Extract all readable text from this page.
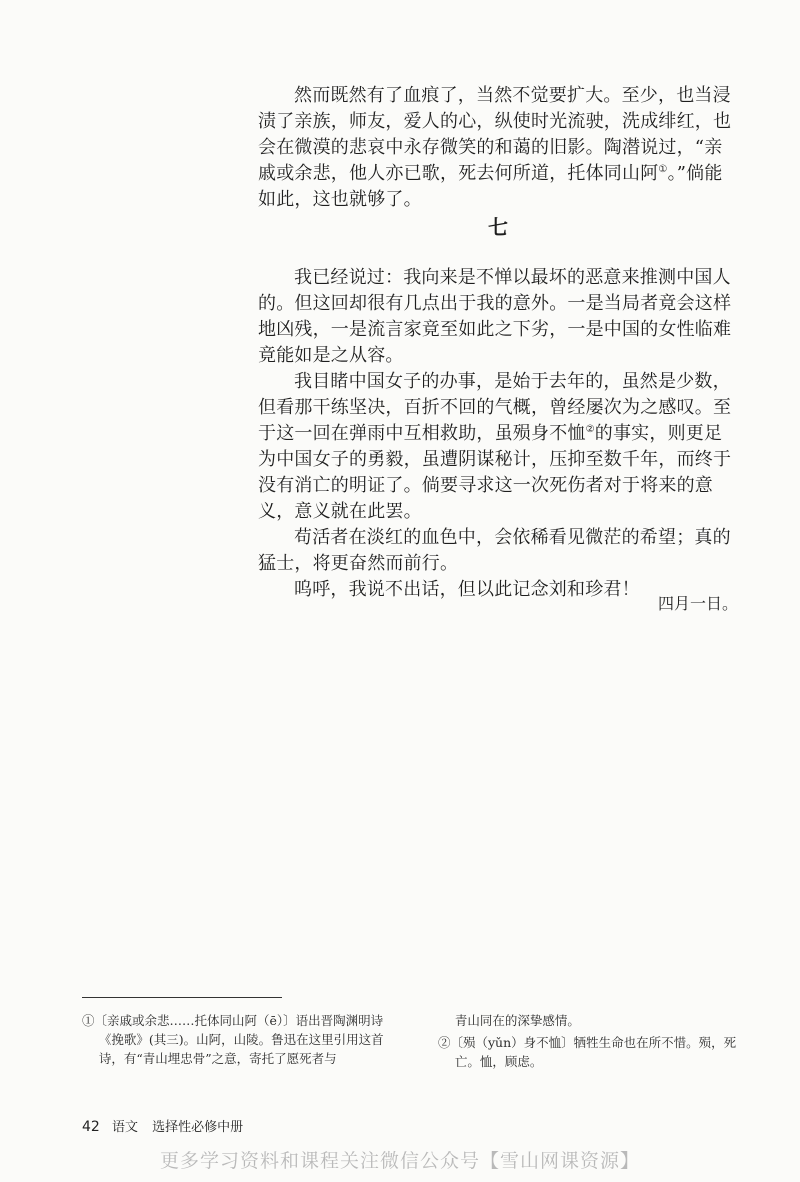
然而既然有了血痕了，当然不觉要扩大。至少，也当浸渍了亲族，师友，爱人的心，纵使时光流驶，洗成绯红，也会在微漠的悲哀中永存微笑的和蔼的旧影。陶潜说过，“亲戚或余悲，他人亦已歌，死去何所道，托体同山阿①。”倘能如此，这也就够了。

七

我已经说过：我向来是不惮以最坏的恶意来推测中国人的。但这回却很有几点出于我的意外。一是当局者竟会这样地凶残，一是流言家竟至如此之下劣，一是中国的女性临难竟能如是之从容。

我目睹中国女子的办事，是始于去年的，虽然是少数，但看那干练坚决，百折不回的气概，曾经屡次为之感叹。至于这一回在弹雨中互相救助，虽殒身不恤②的事实，则更足为中国女子的勇毅，虽遭阴谋秘计，压抑至数千年，而终于没有消亡的明证了。倘要寻求这一次死伤者对于将来的意义，意义就在此罢。

苟活者在淡红的血色中，会依稀看见微茫的希望；真的猛士，将更奋然而前行。

呜呼，我说不出话，但以此记念刘和珍君！

四月一日。

①〔亲戚或余悲……托体同山阿（ē）〕语出晋陶渊明诗《挽歌》(其三)。山阿，山陵。鲁迅在这里引用这首诗，有“青山埋忠骨”之意，寄托了愿死者与

青山同在的深挚感情。

②〔殒（yǔn）身不恤〕牺牲生命也在所不惜。殒，死亡。恤，顾虑。

42 语文 选择性必修中册
更多学习资料和课程关注微信公众号【雪山网课资源】
